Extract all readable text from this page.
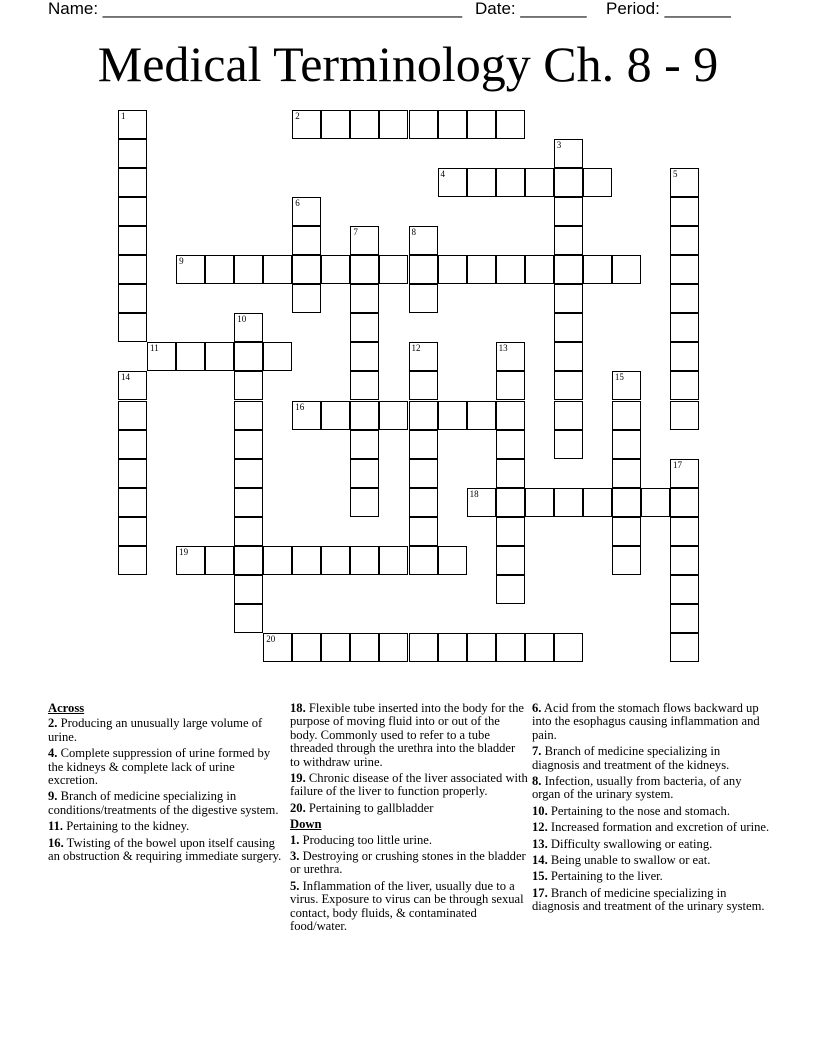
Name: ______________________________________

Date: _______

Period: _______

Medical Terminology Ch. 8 - 9
1	2
3
4	5
6
7	8
9
10
11	12	13
14	15
16
17
18
19
20
Across

2. Producing an unusually large volume of urine.

4. Complete suppression of urine formed by the kidneys & complete lack of urine excretion.

9. Branch of medicine specializing in conditions/treatments of the digestive system.

11. Pertaining to the kidney.

16. Twisting of the bowel upon itself causing an obstruction & requiring immediate surgery.

18. Flexible tube inserted into the body for the purpose of moving fluid into or out of the body. Commonly used to refer to a tube threaded through the urethra into the bladder to withdraw urine.

19. Chronic disease of the liver associated with failure of the liver to function properly.

20. Pertaining to gallbladder

Down

1. Producing too little urine.

3. Destroying or crushing stones in the bladder or urethra.

5. Inflammation of the liver, usually due to a virus. Exposure to virus can be through sexual contact, body fluids, & contaminated food/water.

6. Acid from the stomach flows backward up into the esophagus causing inflammation and pain.

7. Branch of medicine specializing in diagnosis and treatment of the kidneys.

8. Infection, usually from bacteria, of any organ of the urinary system.

10. Pertaining to the nose and stomach.

12. Increased formation and excretion of urine.

13. Difficulty swallowing or eating.

14. Being unable to swallow or eat.

15. Pertaining to the liver.

17. Branch of medicine specializing in diagnosis and treatment of the urinary system.
